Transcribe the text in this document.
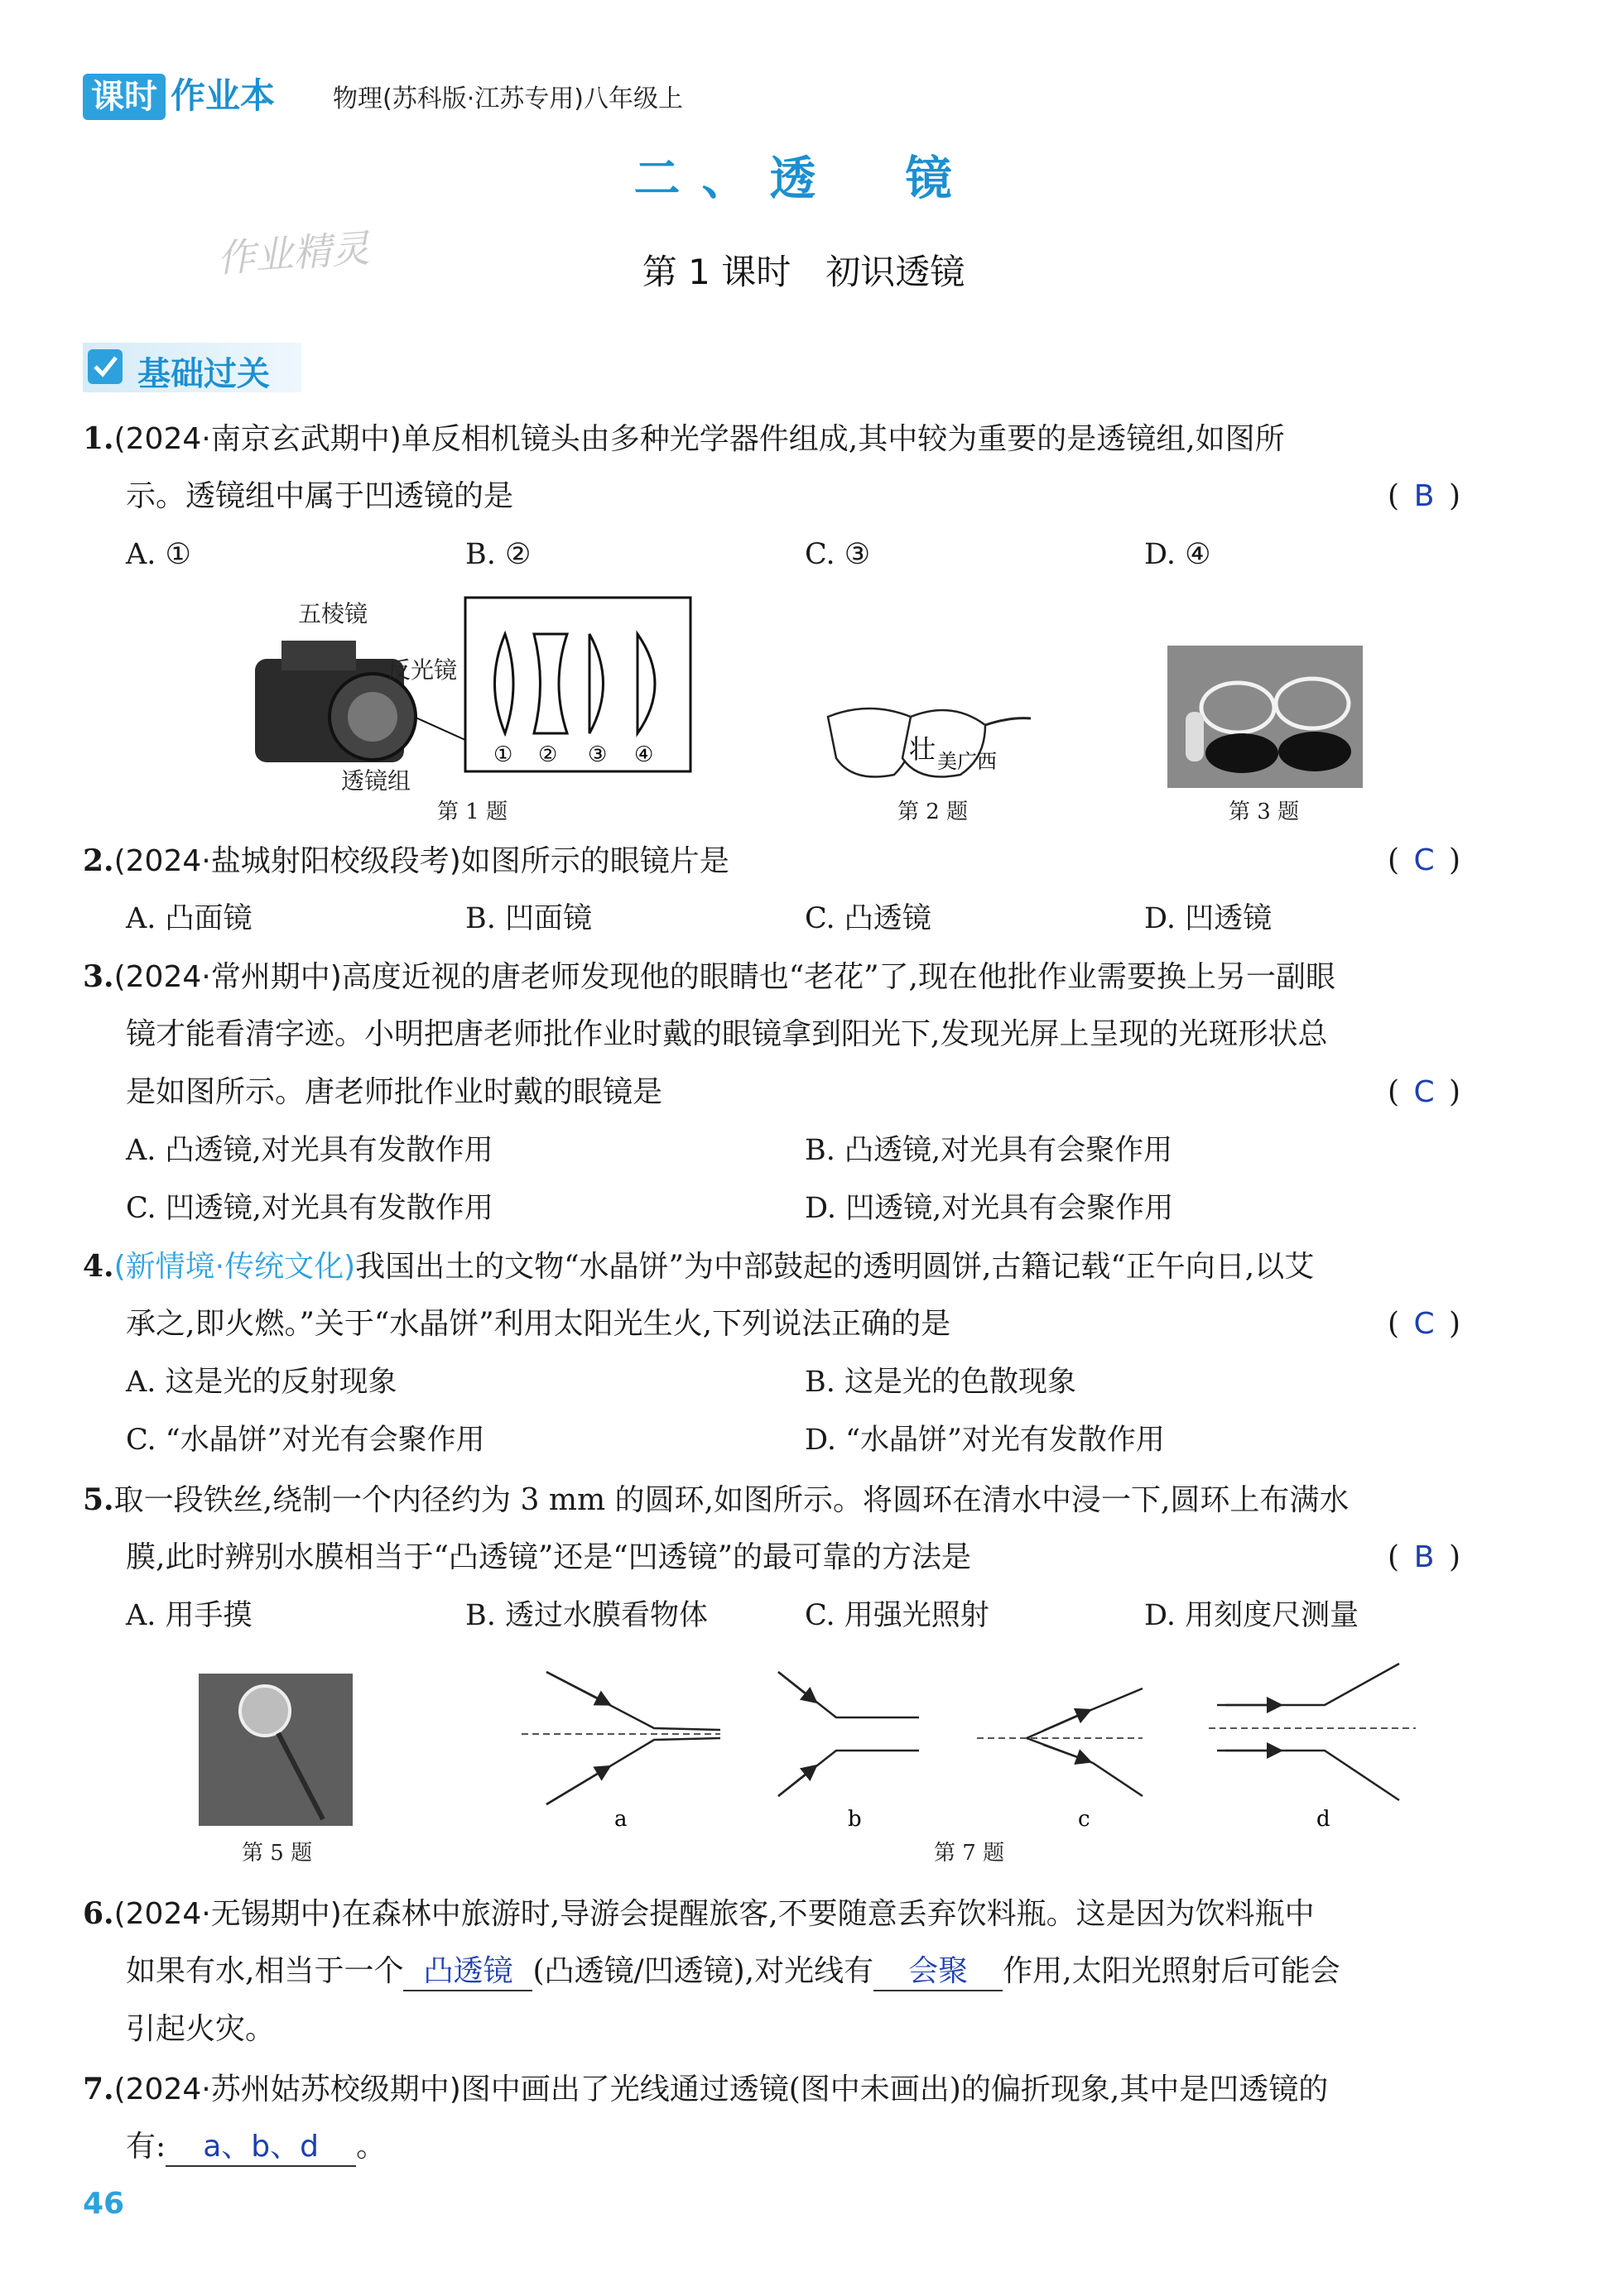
课时 作业本	物理(苏科版·江苏专用)八年级上
二、透　镜
作业精灵	第 1 课时　初识透镜
基础过关
1.(2024·南京玄武期中)单反相机镜头由多种光学器件组成,其中较为重要的是透镜组,如图所
示。透镜组中属于凹透镜的是	( B )
A. ①	B. ②	C. ③	D. ④
① ② ③ ④
五棱镜
反光镜
透镜组
第 1 题
壮 美广西
第 2 题	第 3 题
2.(2024·盐城射阳校级段考)如图所示的眼镜片是	( C )
A. 凸面镜	B. 凹面镜	C. 凸透镜	D. 凹透镜
3.(2024·常州期中)高度近视的唐老师发现他的眼睛也“老花”了,现在他批作业需要换上另一副眼
镜才能看清字迹。小明把唐老师批作业时戴的眼镜拿到阳光下,发现光屏上呈现的光斑形状总
是如图所示。唐老师批作业时戴的眼镜是	( C )
A. 凸透镜,对光具有发散作用	B. 凸透镜,对光具有会聚作用
C. 凹透镜,对光具有发散作用	D. 凹透镜,对光具有会聚作用
4.(新情境·传统文化)我国出土的文物“水晶饼”为中部鼓起的透明圆饼,古籍记载“正午向日,以艾
承之,即火燃。”关于“水晶饼”利用太阳光生火,下列说法正确的是	( C )
A. 这是光的反射现象	B. 这是光的色散现象
C. “水晶饼”对光有会聚作用	D. “水晶饼”对光有发散作用
5.取一段铁丝,绕制一个内径约为 3 mm 的圆环,如图所示。将圆环在清水中浸一下,圆环上布满水
膜,此时辨别水膜相当于“凸透镜”还是“凹透镜”的最可靠的方法是	( B )
A. 用手摸	B. 透过水膜看物体	C. 用强光照射	D. 用刻度尺测量
第 5 题
a	b	c	d
第 7 题
6.(2024·无锡期中)在森林中旅游时,导游会提醒旅客,不要随意丢弃饮料瓶。这是因为饮料瓶中
如果有水,相当于一个 凸透镜 (凸透镜/凹透镜),对光线有 会聚 作用,太阳光照射后可能会
引起火灾。
7.(2024·苏州姑苏校级期中)图中画出了光线通过透镜(图中未画出)的偏折现象,其中是凹透镜的
有: a、b、d 。
46
